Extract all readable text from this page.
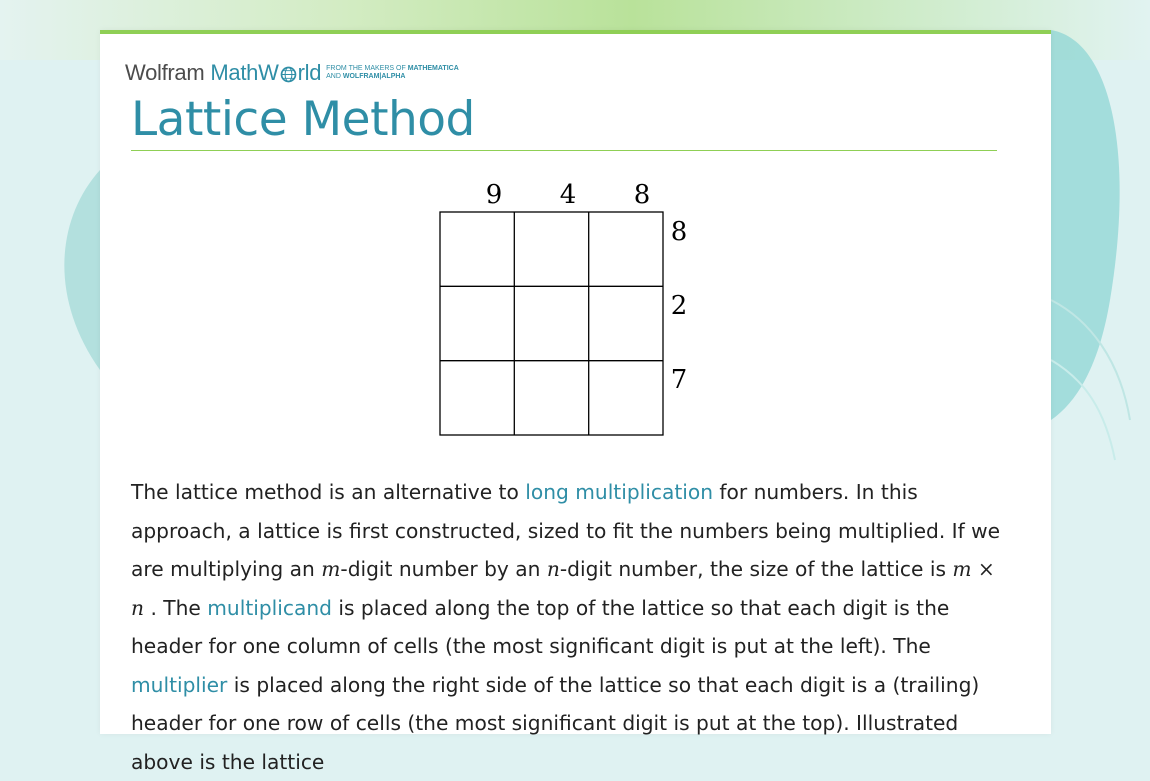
Wolfram MathW rld FROM THE MAKERS OF MATHEMATICA
AND WOLFRAM|ALPHA
Lattice Method
9 4 8
8
2
7

The lattice method is an alternative to long multiplication for numbers. In this approach, a lattice is first constructed, sized to fit the numbers being multiplied. If we are multiplying an m-digit number by an n-digit number, the size of the lattice is m × n . The multiplicand is placed along the top of the lattice so that each digit is the header for one column of cells (the most significant digit is put at the left). The multiplier is placed along the right side of the lattice so that each digit is a (trailing) header for one row of cells (the most significant digit is put at the top). Illustrated above is the lattice
